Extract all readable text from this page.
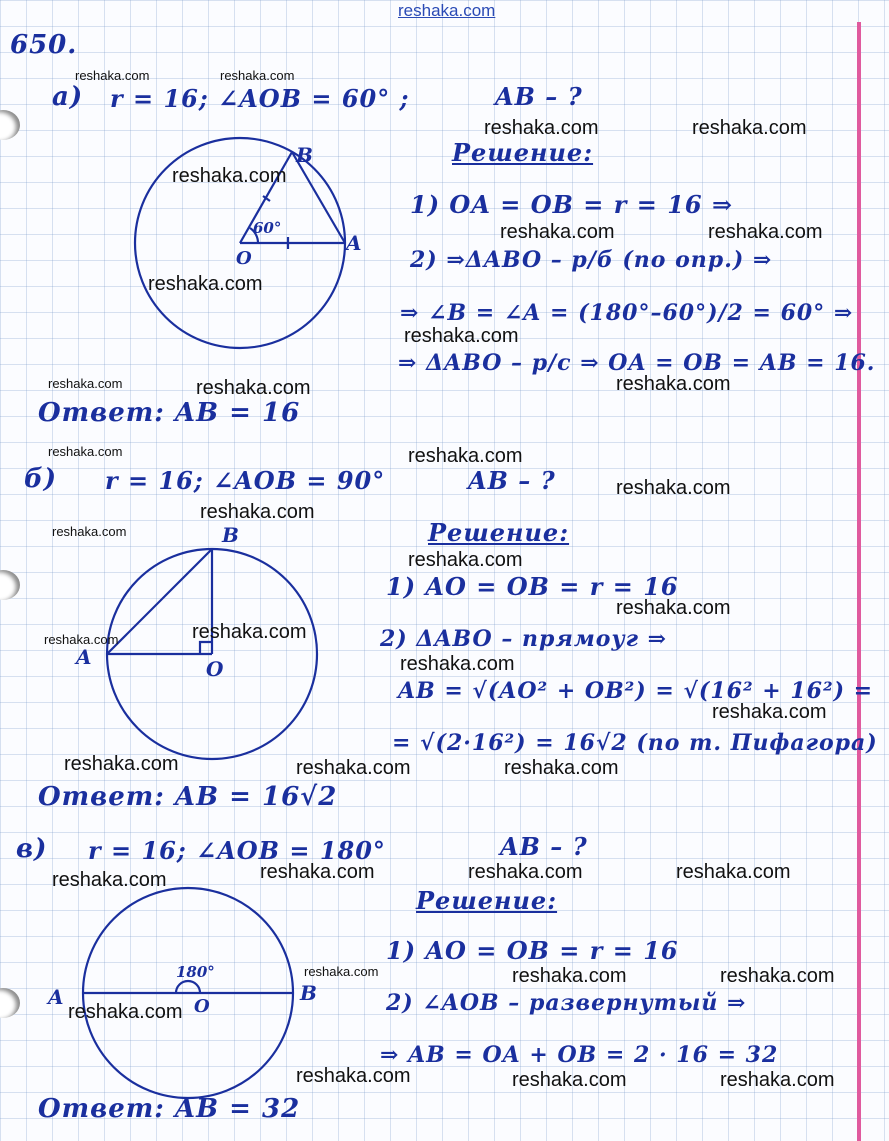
reshaka.com
650.
а) r = 16; ∠AOB = 60° ;	AB – ?
Решение:
1) OA = OB = r = 16 ⇒
2) ⇒ΔABO – р/б (по опр.) ⇒
⇒ ∠B = ∠A = (180°–60°)/2 = 60° ⇒
⇒ ΔABO – р/с ⇒ OA = OB = AB = 16.
Ответ: AB = 16
б) r = 16; ∠AOB = 90°	AB – ?
Решение:
1) AO = OB = r = 16
2) ΔABO – прямоуг ⇒
AB = √(AO² + OB²) = √(16² + 16²) =
= √(2·16²) = 16√2 (по т. Пифагора)
Ответ: AB = 16√2
в) r = 16; ∠AOB = 180°	AB – ?
Решение:
1) AO = OB = r = 16
2) ∠AOB – развернутый ⇒
⇒ AB = OA + OB = 2 · 16 = 32
Ответ: AB = 32
B
A
O
60°
B
A	O
A	B
O
180°
reshaka.com	reshaka.com
reshaka.com	reshaka.com
reshaka.com
reshaka.com	reshaka.com
reshaka.com
reshaka.com
reshaka.com	reshaka.com	reshaka.com
reshaka.com	reshaka.com
reshaka.com
reshaka.com
reshaka.com
reshaka.com
reshaka.com
reshaka.com
reshaka.com
reshaka.com
reshaka.com
reshaka.com	reshaka.com	reshaka.com
reshaka.com	reshaka.com	reshaka.com
reshaka.com
reshaka.com	reshaka.com	reshaka.com
reshaka.com
reshaka.com	reshaka.com	reshaka.com
